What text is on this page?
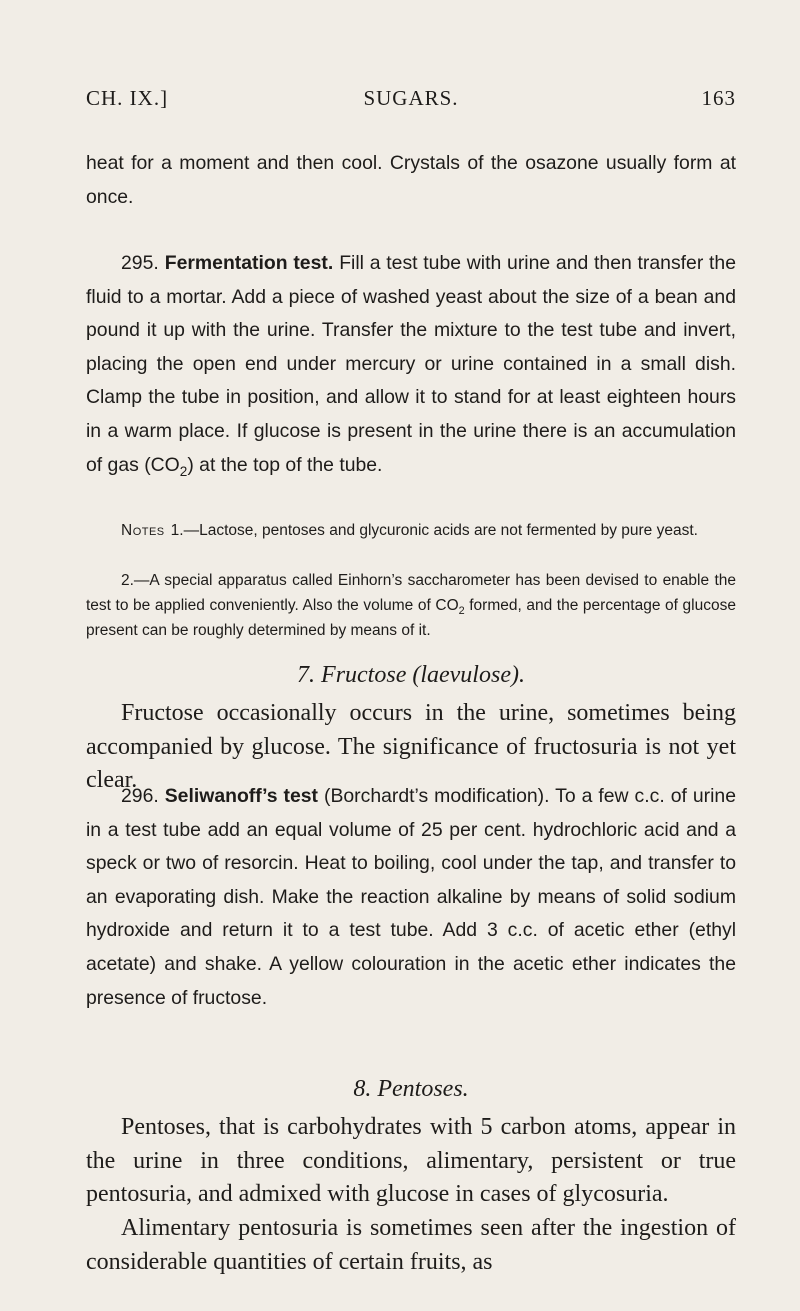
CH. IX.]	SUGARS.	163

heat for a moment and then cool. Crystals of the osazone usually form at once.

295. Fermentation test. Fill a test tube with urine and then transfer the fluid to a mortar. Add a piece of washed yeast about the size of a bean and pound it up with the urine. Transfer the mixture to the test tube and invert, placing the open end under mercury or urine contained in a small dish. Clamp the tube in position, and allow it to stand for at least eighteen hours in a warm place. If glucose is present in the urine there is an accumulation of gas $(CO_2)$ at the top of the tube.

Notes 1.—Lactose, pentoses and glycuronic acids are not fermented by pure yeast.

2.—A special apparatus called Einhorn’s saccharometer has been devised to enable the test to be applied conveniently. Also the volume of $CO_2$ formed, and the percentage of glucose present can be roughly determined by means of it.

7. Fructose (laevulose).

Fructose occasionally occurs in the urine, sometimes being accompanied by glucose. The significance of fructosuria is not yet clear.

296. Seliwanoff’s test (Borchardt’s modification). To a few c.c. of urine in a test tube add an equal volume of 25 per cent. hydrochloric acid and a speck or two of resorcin. Heat to boiling, cool under the tap, and transfer to an evaporating dish. Make the reaction alkaline by means of solid sodium hydroxide and return it to a test tube. Add 3 c.c. of acetic ether (ethyl acetate) and shake. A yellow colouration in the acetic ether indicates the presence of fructose.

8. Pentoses.

Pentoses, that is carbohydrates with 5 carbon atoms, appear in the urine in three conditions, alimentary, persistent or true pentosuria, and admixed with glucose in cases of glycosuria.

Alimentary pentosuria is sometimes seen after the ingestion of considerable quantities of certain fruits, as
